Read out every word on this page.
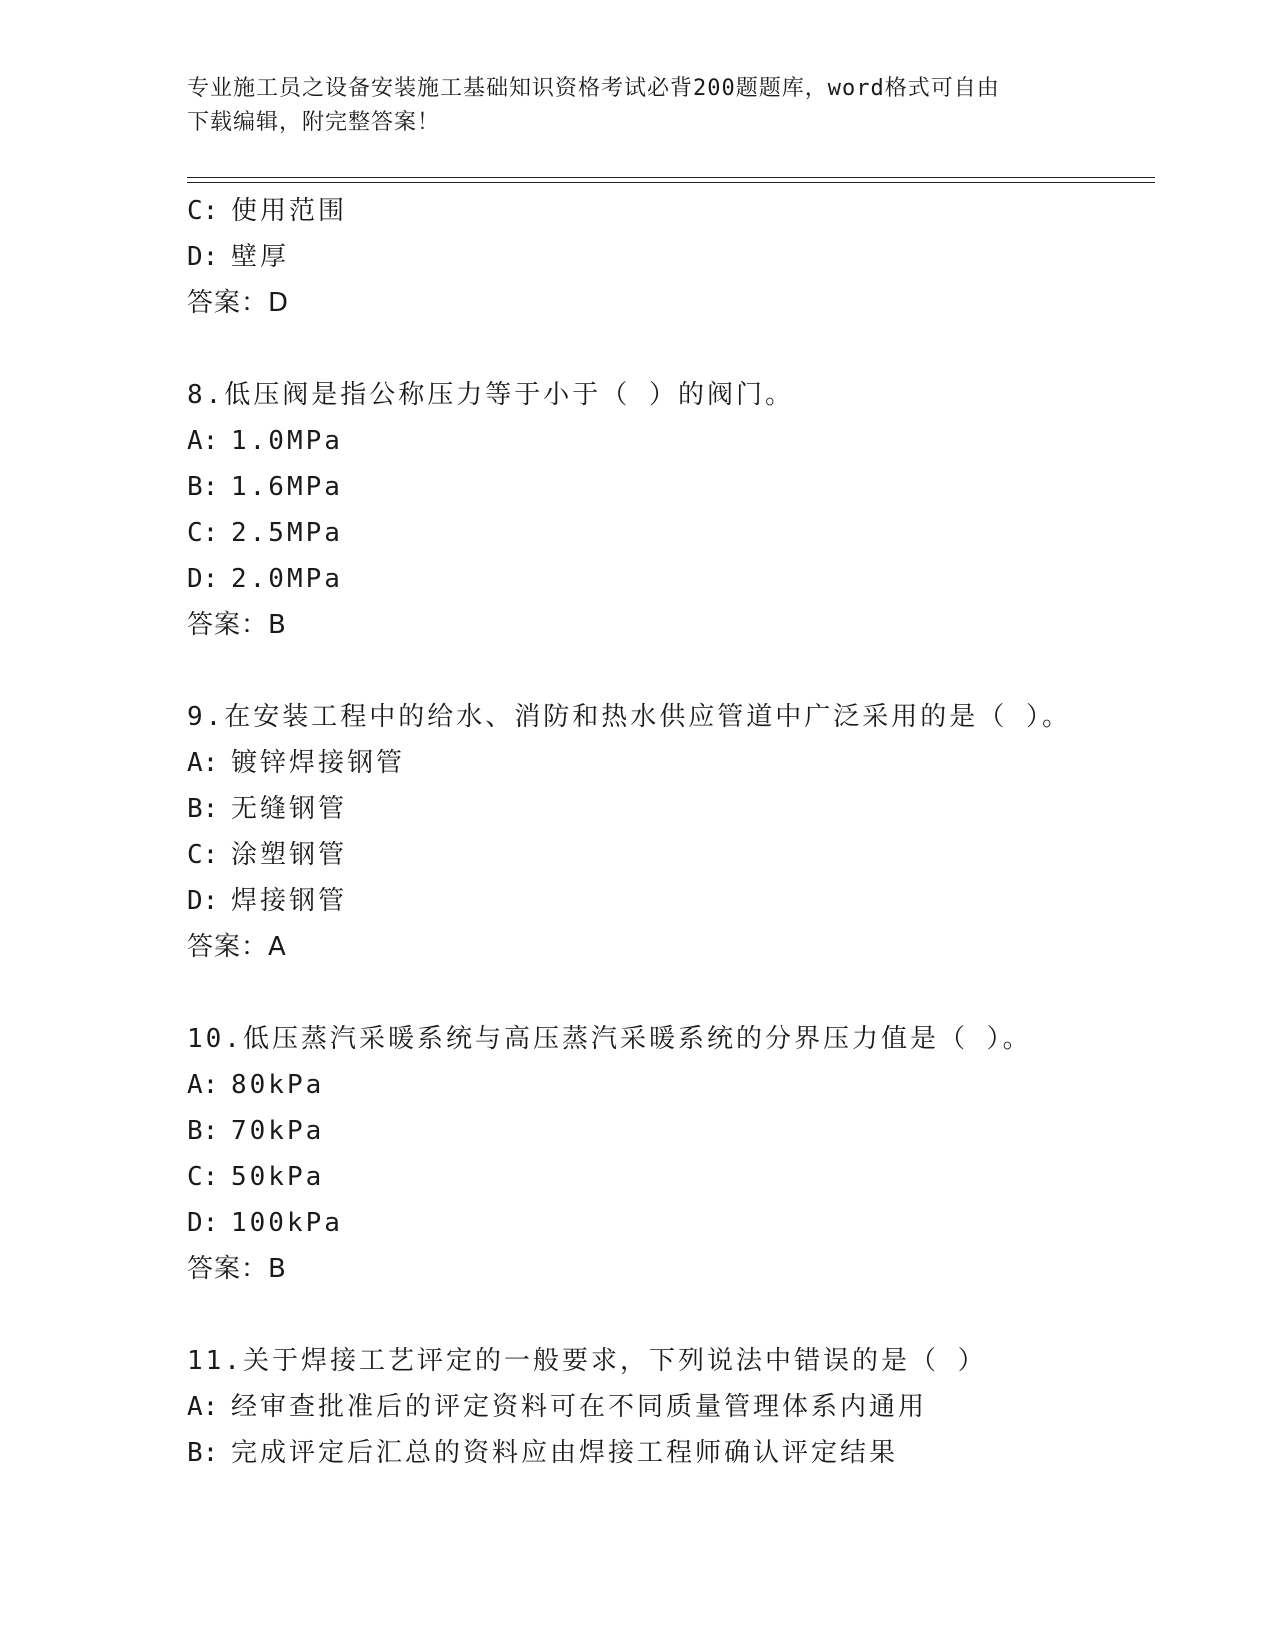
专业施工员之设备安装施工基础知识资格考试必背200题题库，word格式可自由
下载编辑，附完整答案！
C: 使用范围
D: 壁厚
答案：D
8.低压阀是指公称压力等于小于（ ）的阀门。
A: 1.0MPa
B: 1.6MPa
C: 2.5MPa
D: 2.0MPa
答案：B
9.在安装工程中的给水、消防和热水供应管道中广泛采用的是（ ）。
A: 镀锌焊接钢管
B: 无缝钢管
C: 涂塑钢管
D: 焊接钢管
答案：A
10.低压蒸汽采暖系统与高压蒸汽采暖系统的分界压力值是（ ）。
A: 80kPa
B: 70kPa
C: 50kPa
D: 100kPa
答案：B
11.关于焊接工艺评定的一般要求，下列说法中错误的是（ ）
A: 经审查批准后的评定资料可在不同质量管理体系内通用
B: 完成评定后汇总的资料应由焊接工程师确认评定结果
